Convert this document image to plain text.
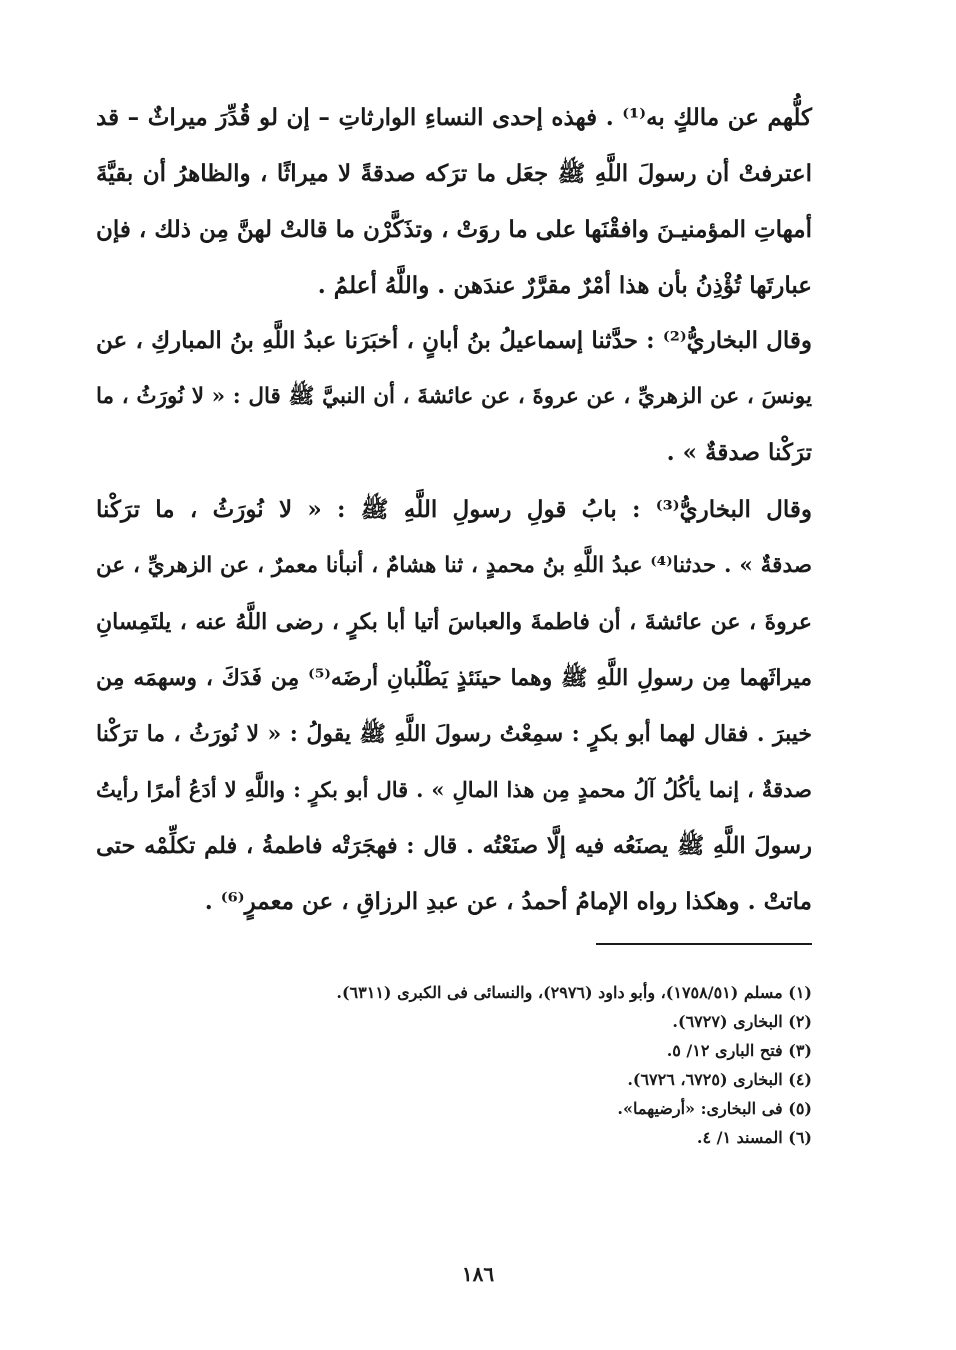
كلُّهم عن مالكٍ به⁽¹⁾ . فهذه إحدى النساءِ الوارثاتِ – إن لو قُدِّرَ ميراثٌ – قد
اعترفتْ أن رسولَ اللَّهِ ﷺ جعَل ما ترَكه صدقةً لا ميراثًا ، والظاهرُ أن بقيَّةَ
أمهاتِ المؤمنيـنَ وافقْنَها على ما روَتْ ، وتذَكَّرْن ما قالتْ لهنَّ مِن ذلك ، فإن
عبارتَها تُؤْذِنُ بأن هذا أمْرٌ مقرَّرٌ عندَهن . واللَّهُ أعلمُ .
وقال البخاريُّ⁽²⁾ : حدَّثنا إسماعيلُ بنُ أبانٍ ، أخبَرَنا عبدُ اللَّهِ بنُ المباركِ ، عن
يونسَ ، عن الزهريِّ ، عن عروةَ ، عن عائشةَ ، أن النبيَّ ﷺ قال : « لا نُورَثُ ، ما
ترَكْنا صدقةٌ » .
وقال البخاريُّ⁽³⁾ : بابُ قولِ رسولِ اللَّهِ ﷺ : « لا نُورَثُ ، ما ترَكْنا
صدقةٌ » . حدثنا⁽⁴⁾ عبدُ اللَّهِ بنُ محمدٍ ، ثنا هشامٌ ، أنبأنا معمرٌ ، عن الزهريِّ ، عن
عروةَ ، عن عائشةَ ، أن فاطمةَ والعباسَ أتيا أبا بكرٍ ، رضى اللَّهُ عنه ، يلتَمِسانِ
ميراثَهما مِن رسولِ اللَّهِ ﷺ وهما حينَئذٍ يَطْلُبانِ أرضَه⁽⁵⁾ مِن فَدَكَ ، وسهمَه مِن
خيبرَ . فقال لهما أبو بكرٍ : سمِعْتُ رسولَ اللَّهِ ﷺ يقولُ : « لا نُورَثُ ، ما ترَكْنا
صدقةٌ ، إنما يأكُلُ آلُ محمدٍ مِن هذا المالِ » . قال أبو بكرٍ : واللَّهِ لا أدَعُ أمرًا رأيتُ
رسولَ اللَّهِ ﷺ يصنَعُه فيه إلَّا صنَعْتُه . قال : فهجَرَتْه فاطمةُ ، فلم تكلِّمْه حتى
ماتتْ . وهكذا رواه الإمامُ أحمدُ ، عن عبدِ الرزاقِ ، عن معمرٍ⁽⁶⁾ .
(١) مسلم (١٧٥٨/٥١)، وأبو داود (٢٩٧٦)، والنسائى فى الكبرى (٦٣١١).
(٢) البخارى (٦٧٢٧).
(٣) فتح البارى ١٢/ ٥.
(٤) البخارى (٦٧٢٥، ٦٧٢٦).
(٥) فى البخارى: «أرضيهما».
(٦) المسند ١/ ٤.
١٨٦
